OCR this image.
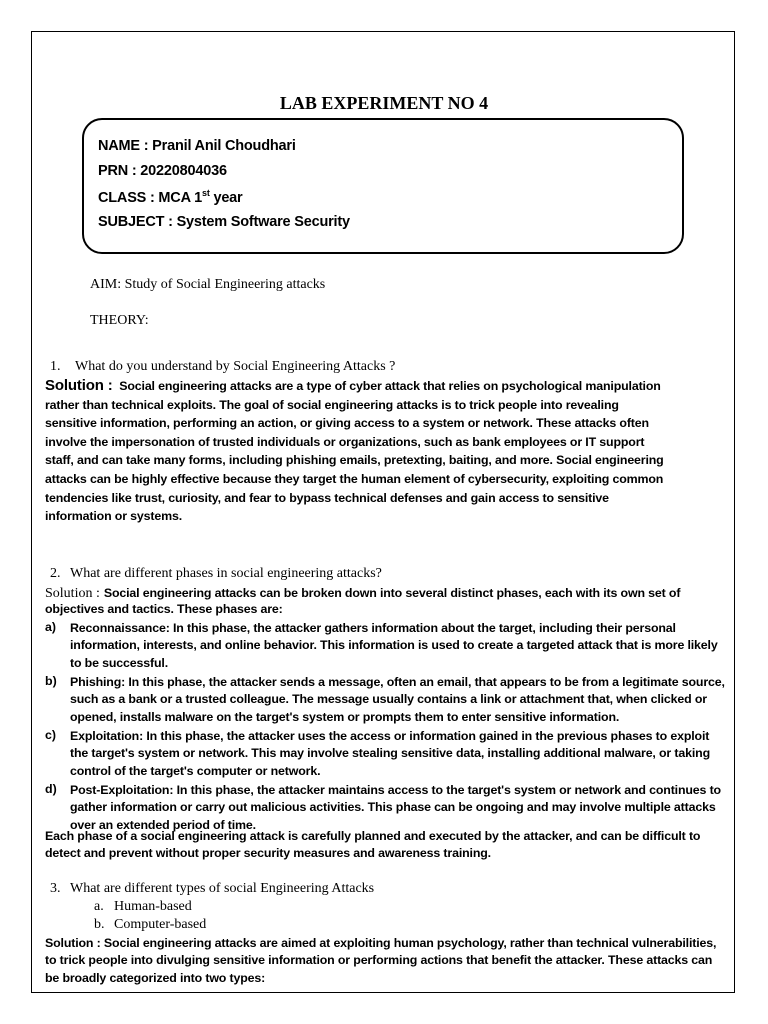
LAB EXPERIMENT NO 4
NAME : Pranil Anil Choudhari
PRN : 20220804036
CLASS : MCA 1st year
SUBJECT : System Software Security
AIM: Study of Social Engineering attacks
THEORY:
1. What do you understand by Social Engineering Attacks ?
Solution : Social engineering attacks are a type of cyber attack that relies on psychological manipulation
rather than technical exploits. The goal of social engineering attacks is to trick people into revealing
sensitive information, performing an action, or giving access to a system or network. These attacks often
involve the impersonation of trusted individuals or organizations, such as bank employees or IT support
staff, and can take many forms, including phishing emails, pretexting, baiting, and more. Social engineering
attacks can be highly effective because they target the human element of cybersecurity, exploiting common
tendencies like trust, curiosity, and fear to bypass technical defenses and gain access to sensitive
information or systems.
2. What are different phases in social engineering attacks?
Solution : Social engineering attacks can be broken down into several distinct phases, each with its own set of
objectives and tactics. These phases are:
a) Reconnaissance: In this phase, the attacker gathers information about the target, including their personal
information, interests, and online behavior. This information is used to create a targeted attack that is more likely
to be successful.
b) Phishing: In this phase, the attacker sends a message, often an email, that appears to be from a legitimate source,
such as a bank or a trusted colleague. The message usually contains a link or attachment that, when clicked or
opened, installs malware on the target's system or prompts them to enter sensitive information.
c) Exploitation: In this phase, the attacker uses the access or information gained in the previous phases to exploit
the target's system or network. This may involve stealing sensitive data, installing additional malware, or taking
control of the target's computer or network.
d) Post-Exploitation: In this phase, the attacker maintains access to the target's system or network and continues to
gather information or carry out malicious activities. This phase can be ongoing and may involve multiple attacks
over an extended period of time.
Each phase of a social engineering attack is carefully planned and executed by the attacker, and can be difficult to
detect and prevent without proper security measures and awareness training.
3. What are different types of social Engineering Attacks
a. Human-based
b. Computer-based
Solution : Social engineering attacks are aimed at exploiting human psychology, rather than technical vulnerabilities,
to trick people into divulging sensitive information or performing actions that benefit the attacker. These attacks can
be broadly categorized into two types:
